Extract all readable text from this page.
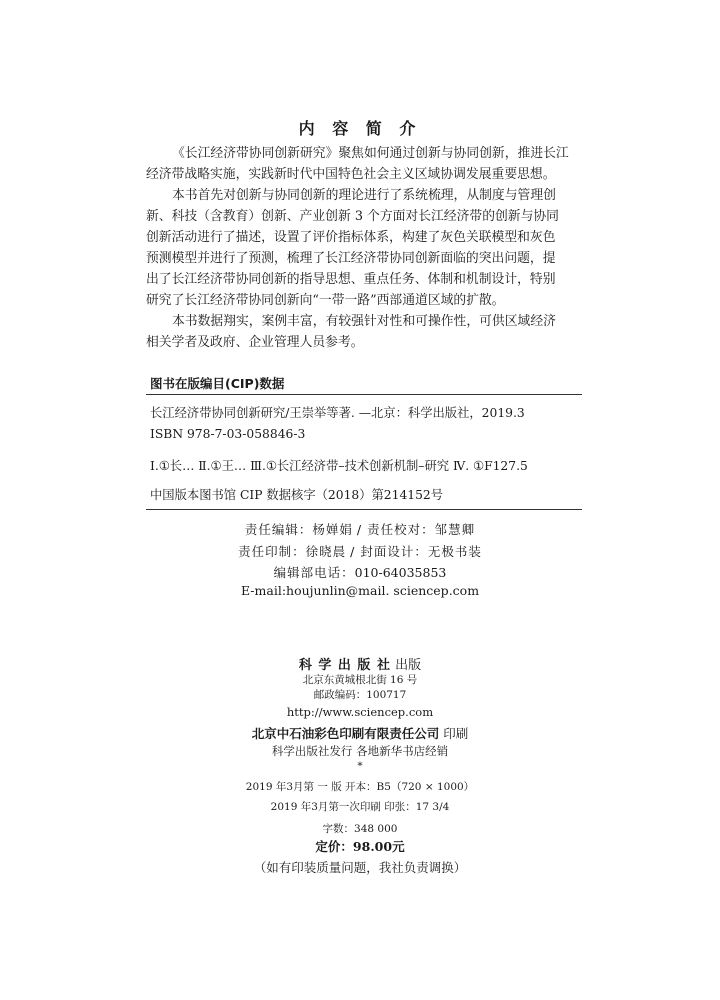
内 容 简 介
《长江经济带协同创新研究》聚焦如何通过创新与协同创新，推进长江
经济带战略实施，实践新时代中国特色社会主义区域协调发展重要思想。
本书首先对创新与协同创新的理论进行了系统梳理，从制度与管理创
新、科技（含教育）创新、产业创新 3 个方面对长江经济带的创新与协同
创新活动进行了描述，设置了评价指标体系，构建了灰色关联模型和灰色
预测模型并进行了预测，梳理了长江经济带协同创新面临的突出问题，提
出了长江经济带协同创新的指导思想、重点任务、体制和机制设计，特别
研究了长江经济带协同创新向“一带一路”西部通道区域的扩散。
本书数据翔实，案例丰富，有较强针对性和可操作性，可供区域经济
相关学者及政府、企业管理人员参考。
图书在版编目(CIP)数据
长江经济带协同创新研究/王崇举等著. —北京：科学出版社，2019.3
ISBN 978-7-03-058846-3
Ⅰ.①长… Ⅱ.①王… Ⅲ.①长江经济带–技术创新机制–研究 Ⅳ. ①F127.5
中国版本图书馆 CIP 数据核字（2018）第214152号
责任编辑：杨婵娟 / 责任校对：邹慧卿
责任印制：徐晓晨 / 封面设计：无极书装
编辑部电话：010-64035853
E-mail:houjunlin@mail. sciencep.com
科 学 出 版 社 出版
北京东黄城根北街 16 号
邮政编码：100717
http://www.sciencep.com
北京中石油彩色印刷有限责任公司 印刷
科学出版社发行 各地新华书店经销
*
2019 年3月第 一 版 开本：B5（720 × 1000）
2019 年3月第一次印刷 印张：17 3/4
字数：348 000
定价：98.00元
（如有印装质量问题，我社负责调换）
